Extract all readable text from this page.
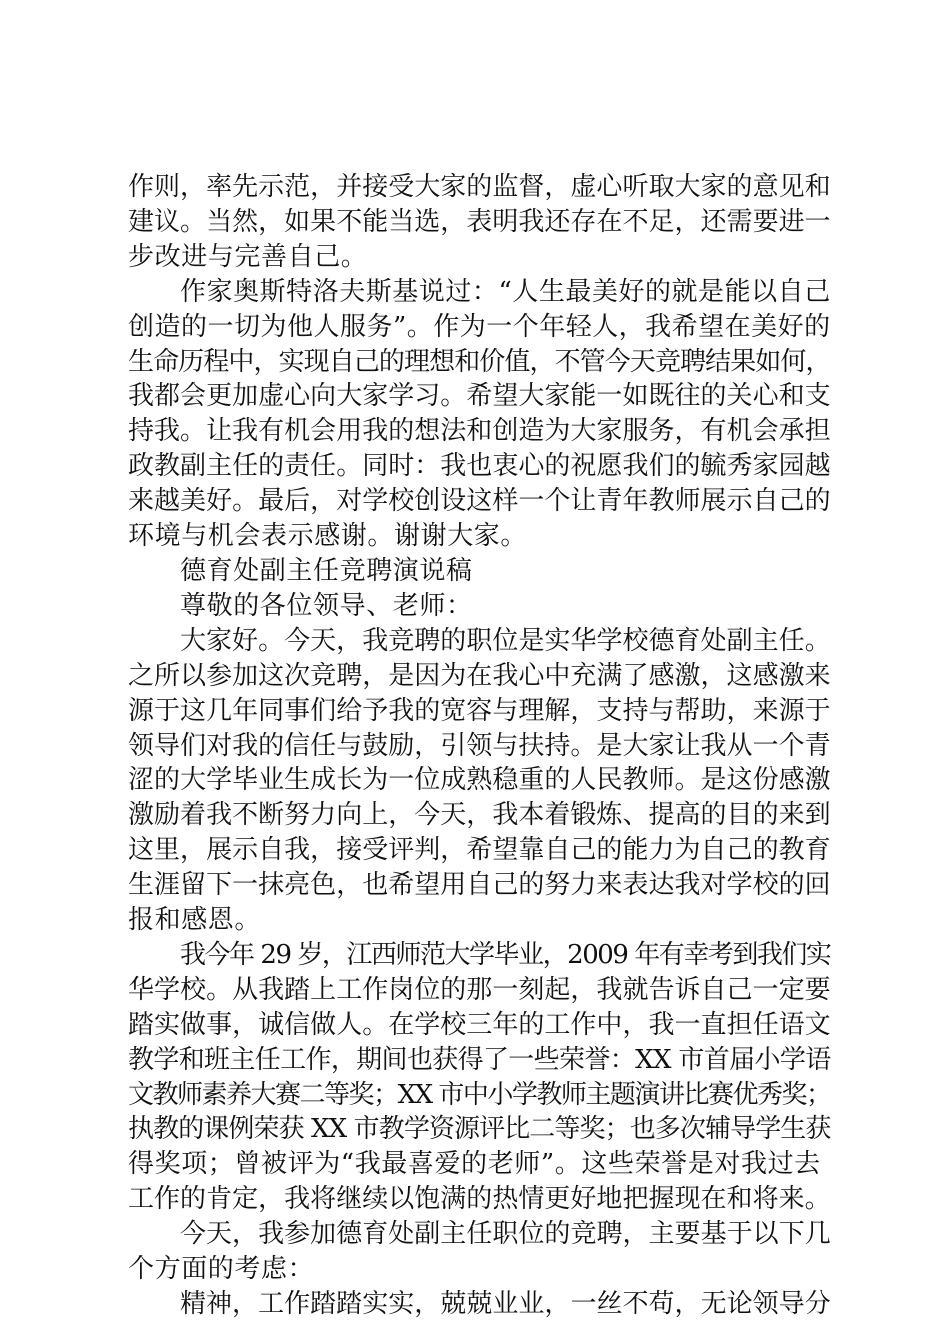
作则，率先示范，并接受大家的监督，虚心听取大家的意见和
建议。当然，如果不能当选，表明我还存在不足，还需要进一
步改进与完善自己。
作家奥斯特洛夫斯基说过：“人生最美好的就是能以自己
创造的一切为他人服务”。作为一个年轻人，我希望在美好的
生命历程中，实现自己的理想和价值，不管今天竞聘结果如何，
我都会更加虚心向大家学习。希望大家能一如既往的关心和支
持我。让我有机会用我的想法和创造为大家服务，有机会承担
政教副主任的责任。同时：我也衷心的祝愿我们的毓秀家园越
来越美好。最后，对学校创设这样一个让青年教师展示自己的
环境与机会表示感谢。谢谢大家。
德育处副主任竞聘演说稿
尊敬的各位领导、老师：
大家好。今天，我竞聘的职位是实华学校德育处副主任。
之所以参加这次竞聘，是因为在我心中充满了感激，这感激来
源于这几年同事们给予我的宽容与理解，支持与帮助，来源于
领导们对我的信任与鼓励，引领与扶持。是大家让我从一个青
涩的大学毕业生成长为一位成熟稳重的人民教师。是这份感激
激励着我不断努力向上，今天，我本着锻炼、提高的目的来到
这里，展示自我，接受评判，希望靠自己的能力为自己的教育
生涯留下一抹亮色，也希望用自己的努力来表达我对学校的回
报和感恩。
我今年 29 岁，江西师范大学毕业，2009 年有幸考到我们实
华学校。从我踏上工作岗位的那一刻起，我就告诉自己一定要
踏实做事，诚信做人。在学校三年的工作中，我一直担任语文
教学和班主任工作，期间也获得了一些荣誉：XX 市首届小学语
文教师素养大赛二等奖；XX 市中小学教师主题演讲比赛优秀奖；
执教的课例荣获 XX 市教学资源评比二等奖；也多次辅导学生获
得奖项；曾被评为“我最喜爱的老师”。这些荣誉是对我过去
工作的肯定，我将继续以饱满的热情更好地把握现在和将来。
今天，我参加德育处副主任职位的竞聘，主要基于以下几
个方面的考虑：
精神，工作踏踏实实，兢兢业业，一丝不苟，无论领导分
